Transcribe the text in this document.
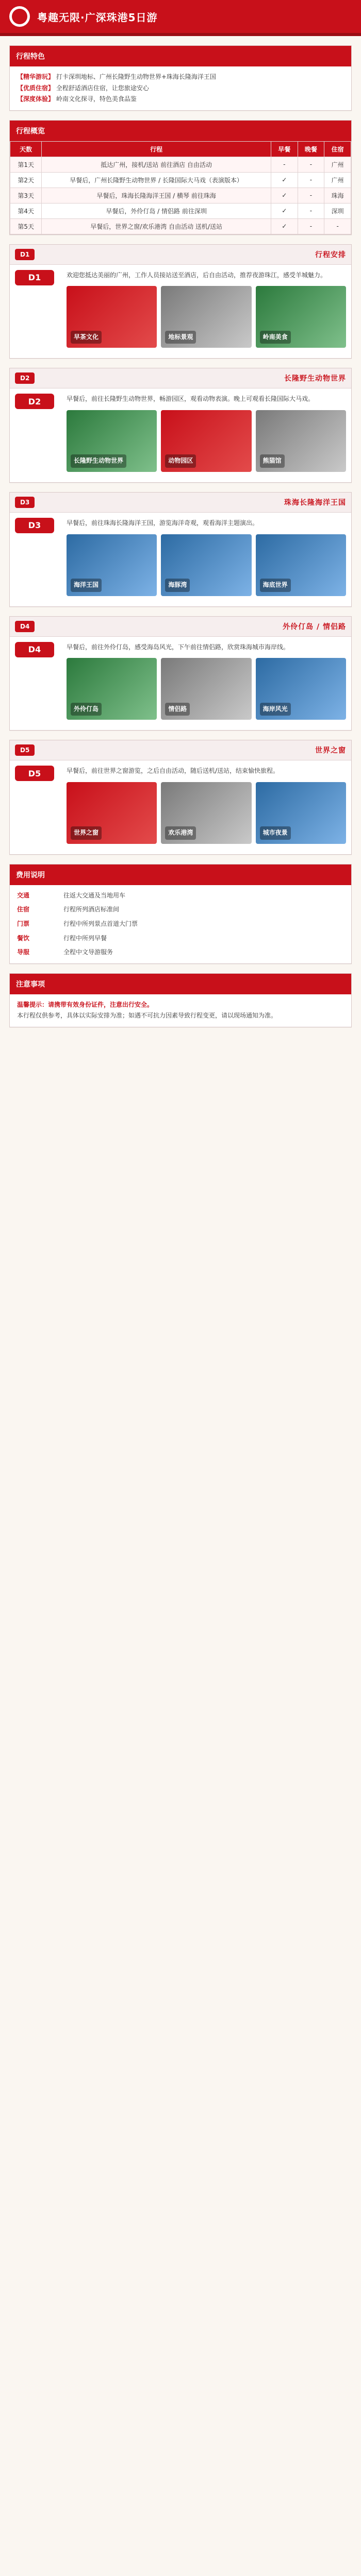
粤趣无限·广深珠港5日游
行程特色
【精华游玩】 打卡深圳地标、广州长隆野生动物世界+珠海长隆海洋王国
【优质住宿】 全程舒适酒店住宿，让您旅途安心
【深度体验】 岭南文化探寻，特色美食品鉴
行程概览
天数	行程	早餐	晚餐	住宿
第1天	抵达广州，接机/送站 前往酒店 自由活动	-	-	广州
第2天	早餐后，广州长隆野生动物世界 / 长隆国际大马戏（表演版本）	✓	-	广州
第3天	早餐后，珠海长隆海洋王国 / 横琴 前往珠海	✓	-	珠海
第4天	早餐后，外伶仃岛 / 情侣路 前往深圳	✓	-	深圳
第5天	早餐后，世界之窗/欢乐港湾 自由活动 送机/送站	✓	-	-
D1	行程安排
D1	欢迎您抵达美丽的广州，工作人员接站送至酒店，后自由活动，推荐夜游珠江，感受羊城魅力。
早茶文化	地标景观	岭南美食
D2	长隆野生动物世界
D2	早餐后，前往长隆野生动物世界，畅游园区，观看动物表演。晚上可观看长隆国际大马戏。
长隆野生动物世界	动物园区	熊猫馆
D3	珠海长隆海洋王国
D3	早餐后，前往珠海长隆海洋王国，游览海洋奇观，观看海洋主题演出。
海洋王国	海豚湾	海底世界
D4	外伶仃岛 / 情侣路
D4	早餐后，前往外伶仃岛，感受海岛风光，下午前往情侣路，欣赏珠海城市海岸线。
外伶仃岛	情侣路	海岸风光
D5	世界之窗
D5	早餐后，前往世界之窗游览，之后自由活动，随后送机/送站，结束愉快旅程。
世界之窗	欢乐港湾	城市夜景
费用说明
交通	往返大交通及当地用车
住宿	行程所列酒店标准间
门票	行程中所列景点首道大门票
餐饮	行程中所列早餐
导服	全程中文导游服务
注意事项
温馨提示：请携带有效身份证件，注意出行安全。
本行程仅供参考，具体以实际安排为准；如遇不可抗力因素导致行程变更，请以现场通知为准。
